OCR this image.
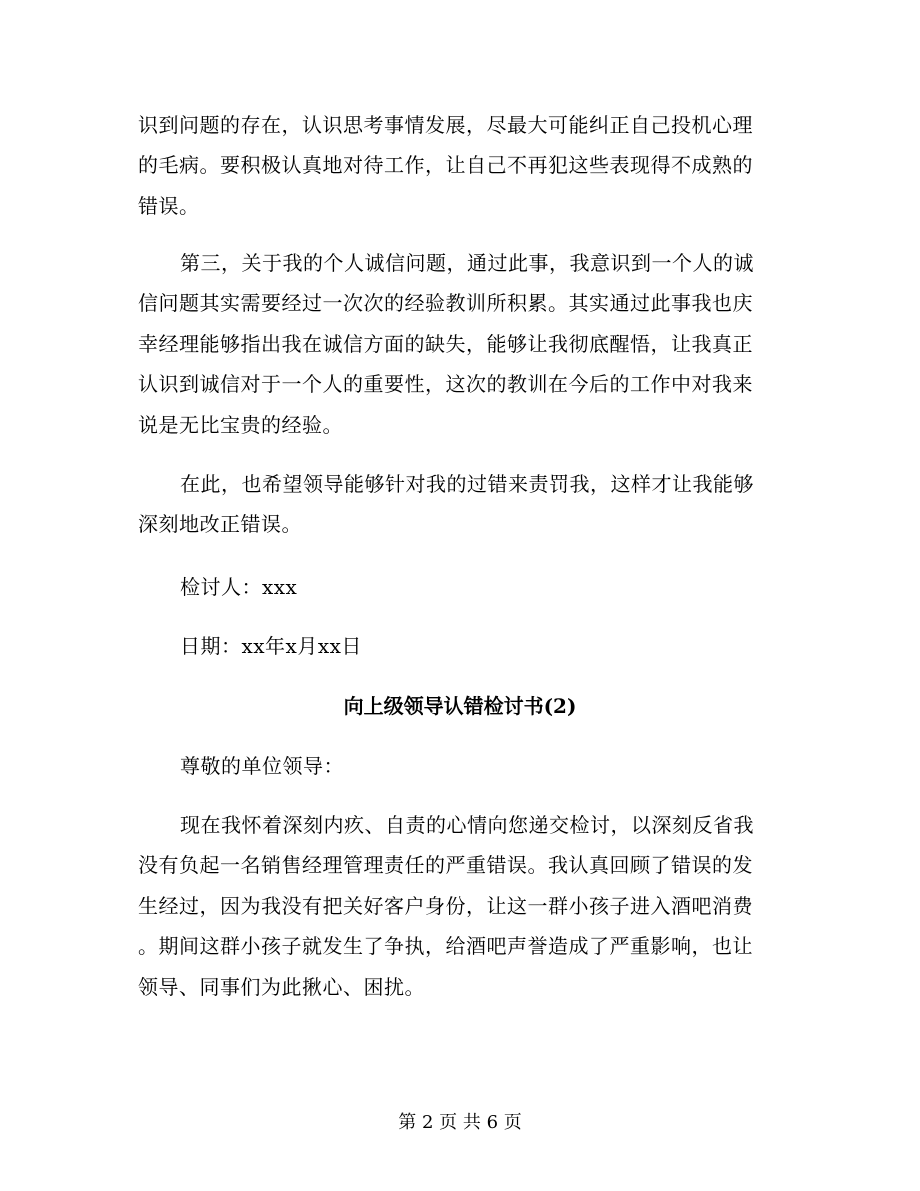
识到问题的存在，认识思考事情发展，尽最大可能纠正自己投机心理
的毛病。要积极认真地对待工作，让自己不再犯这些表现得不成熟的
错误。
第三，关于我的个人诚信问题，通过此事，我意识到一个人的诚
信问题其实需要经过一次次的经验教训所积累。其实通过此事我也庆
幸经理能够指出我在诚信方面的缺失，能够让我彻底醒悟，让我真正
认识到诚信对于一个人的重要性，这次的教训在今后的工作中对我来
说是无比宝贵的经验。
在此，也希望领导能够针对我的过错来责罚我，这样才让我能够
深刻地改正错误。
检讨人：xxx
日期：xx年x月xx日
向上级领导认错检讨书(2)
尊敬的单位领导：
现在我怀着深刻内疚、自责的心情向您递交检讨，以深刻反省我
没有负起一名销售经理管理责任的严重错误。我认真回顾了错误的发
生经过，因为我没有把关好客户身份，让这一群小孩子进入酒吧消费
。期间这群小孩子就发生了争执，给酒吧声誉造成了严重影响，也让
领导、同事们为此揪心、困扰。
第 2 页 共 6 页
